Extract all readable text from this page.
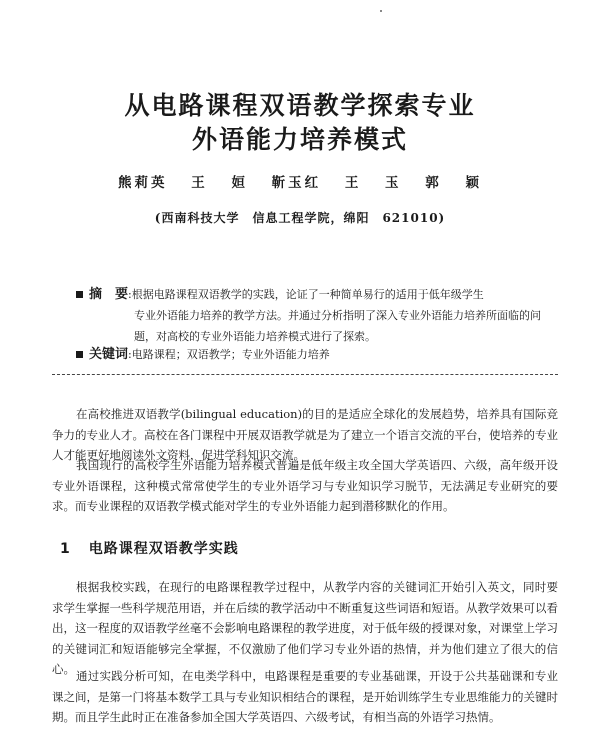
从电路课程双语教学探索专业
外语能力培养模式
熊莉英 王 姮 靳玉红 王 玉 郭 颖
(西南科技大学　信息工程学院，绵阳　621010)
摘　要:根据电路课程双语教学的实践，论证了一种简单易行的适用于低年级学生
专业外语能力培养的教学方法。并通过分析指明了深入专业外语能力培养所面临的问题，对高校的专业外语能力培养模式进行了探索。
关键词:电路课程；双语教学；专业外语能力培养

在高校推进双语教学(bilingual education)的目的是适应全球化的发展趋势，培养具有国际竞争力的专业人才。高校在各门课程中开展双语教学就是为了建立一个语言交流的平台，使培养的专业人才能更好地阅读外文资料，促进学科知识交流。

我国现行的高校学生外语能力培养模式普遍是低年级主攻全国大学英语四、六级，高年级开设专业外语课程，这种模式常常使学生的专业外语学习与专业知识学习脱节，无法满足专业研究的要求。而专业课程的双语教学模式能对学生的专业外语能力起到潜移默化的作用。

1 电路课程双语教学实践

根据我校实践，在现行的电路课程教学过程中，从教学内容的关键词汇开始引入英文，同时要求学生掌握一些科学规范用语，并在后续的教学活动中不断重复这些词语和短语。从教学效果可以看出，这一程度的双语教学丝毫不会影响电路课程的教学进度，对于低年级的授课对象，对课堂上学习的关键词汇和短语能够完全掌握，不仅激励了他们学习专业外语的热情，并为他们建立了很大的信心。 通过实践分析可知，在电类学科中，电路课程是重要的专业基础课，开设于公共基础课和专业课之间，是第一门将基本数学工具与专业知识相结合的课程，是开始训练学生专业思维能力的关键时期。而且学生此时正在准备参加全国大学英语四、六级考试，有相当高的外语学习热情。
